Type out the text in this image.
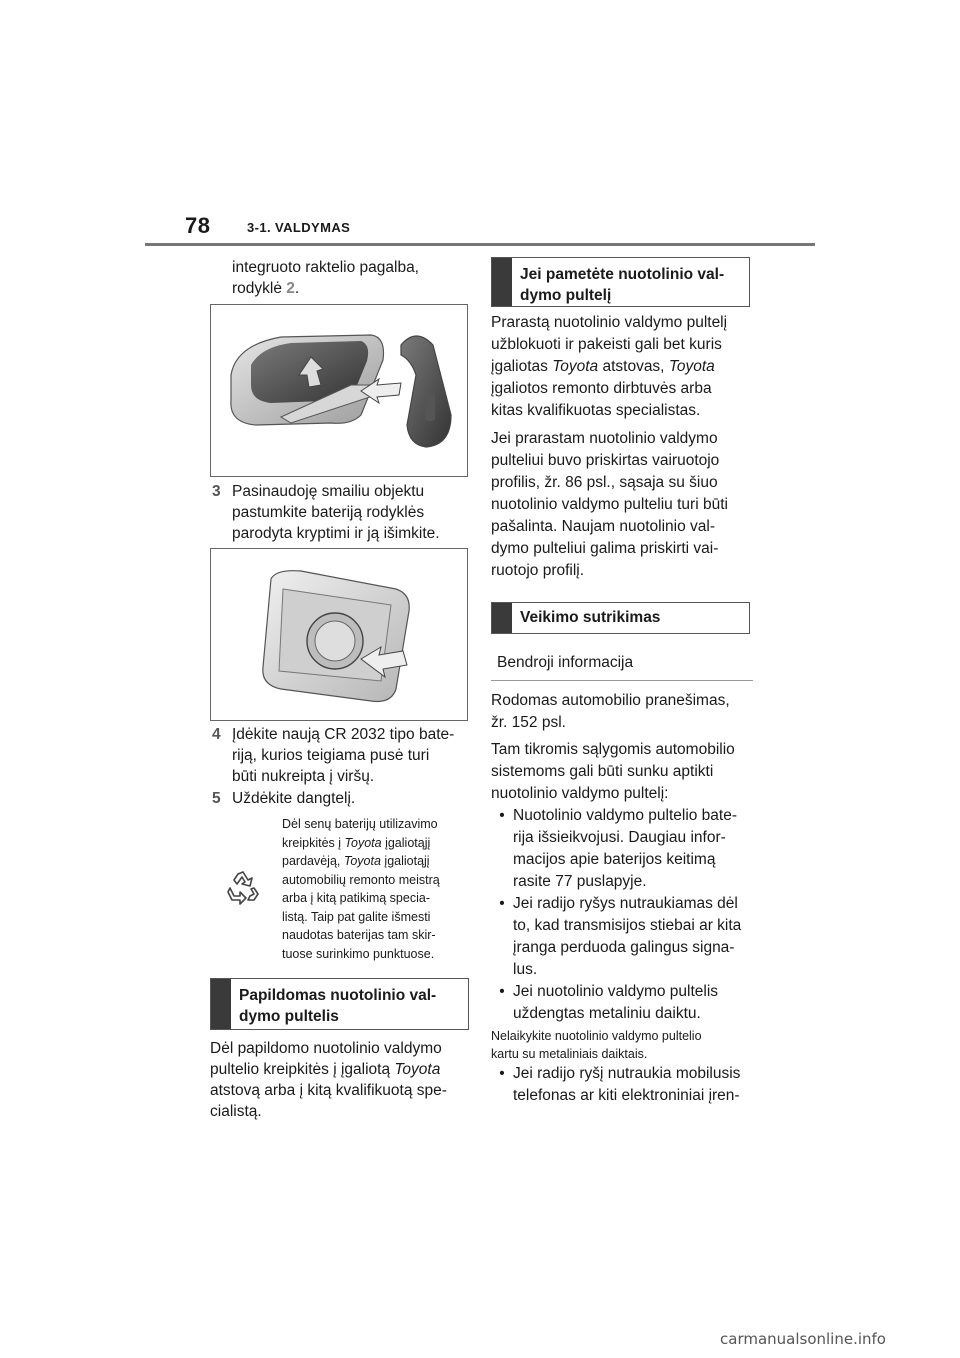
78	3-1. VALDYMAS
integruoto raktelio pagalba,
rodyklė 2.
3 Pasinaudoję smailiu objektu
pastumkite bateriją rodyklės
parodyta kryptimi ir ją išimkite.
4 Įdėkite naują CR 2032 tipo bate-
riją, kurios teigiama pusė turi
būti nukreipta į viršų.
5 Uždėkite dangtelį.
Dėl senų baterijų utilizavimo
kreipkitės į Toyota įgaliotąjį
pardavėją, Toyota įgaliotąjį
automobilių remonto meistrą
arba į kitą patikimą specia-
listą. Taip pat galite išmesti
naudotas baterijas tam skir-
tuose surinkimo punktuose.
Papildomas nuotolinio val-
dymo pultelis
Dėl papildomo nuotolinio valdymo
pultelio kreipkitės į įgaliotą Toyota
atstovą arba į kitą kvalifikuotą spe-
cialistą.
Jei pametėte nuotolinio val-
dymo pultelį
Prarastą nuotolinio valdymo pultelį
užblokuoti ir pakeisti gali bet kuris
įgaliotas Toyota atstovas, Toyota
įgaliotos remonto dirbtuvės arba
kitas kvalifikuotas specialistas.
Jei prarastam nuotolinio valdymo
pulteliui buvo priskirtas vairuotojo
profilis, žr. 86 psl., sąsaja su šiuo
nuotolinio valdymo pulteliu turi būti
pašalinta. Naujam nuotolinio val-
dymo pulteliui galima priskirti vai-
ruotojo profilį.
Veikimo sutrikimas
Bendroji informacija
Rodomas automobilio pranešimas,
žr. 152 psl.
Tam tikromis sąlygomis automobilio
sistemoms gali būti sunku aptikti
nuotolinio valdymo pultelį:
• Nuotolinio valdymo pultelio bate-
rija išsieikvojusi. Daugiau infor-
macijos apie baterijos keitimą
rasite 77 puslapyje.
• Jei radijo ryšys nutraukiamas dėl
to, kad transmisijos stiebai ar kita
įranga perduoda galingus signa-
lus.
• Jei nuotolinio valdymo pultelis
uždengtas metaliniu daiktu.
Nelaikykite nuotolinio valdymo pultelio
kartu su metaliniais daiktais.
• Jei radijo ryšį nutraukia mobilusis
telefonas ar kiti elektroniniai įren-
carmanualsonline.info
